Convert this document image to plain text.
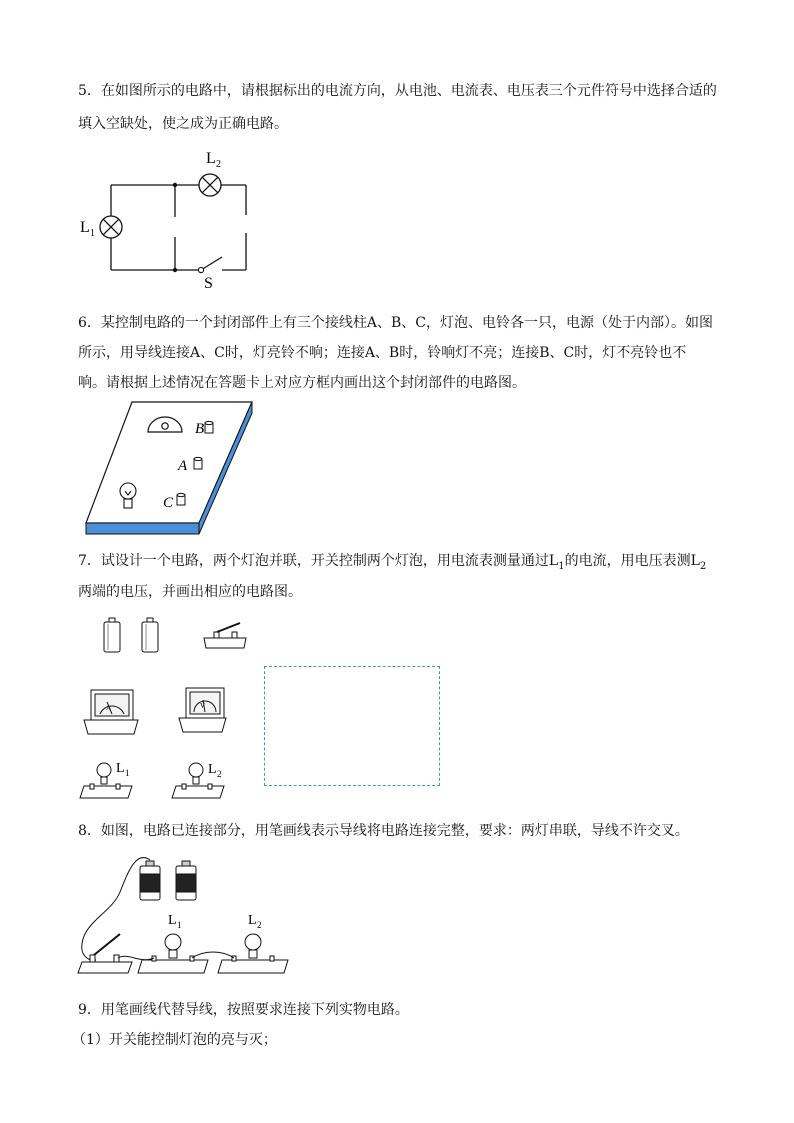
5．在如图所示的电路中，请根据标出的电流方向，从电池、电流表、电压表三个元件符号中选择合适的
填入空缺处，使之成为正确电路。
L 1
L 2
S
6．某控制电路的一个封闭部件上有三个接线柱A、B、C，灯泡、电铃各一只，电源（处于内部）。如图
所示，用导线连接A、C时，灯亮铃不响；连接A、B时，铃响灯不亮；连接B、C时，灯不亮铃也不
响。请根据上述情况在答题卡上对应方框内画出这个封闭部件的电路图。
B
A
C
7．试设计一个电路，两个灯泡并联，开关控制两个灯泡，用电流表测量通过$L_1$的电流，用电压表测$L_2$
两端的电压，并画出相应的电路图。
A	V
L 1	L 2
8．如图，电路已连接部分，用笔画线表示导线将电路连接完整，要求：两灯串联，导线不许交叉。
L 1	L 2
9．用笔画线代替导线，按照要求连接下列实物电路。
（1）开关能控制灯泡的亮与灭；
